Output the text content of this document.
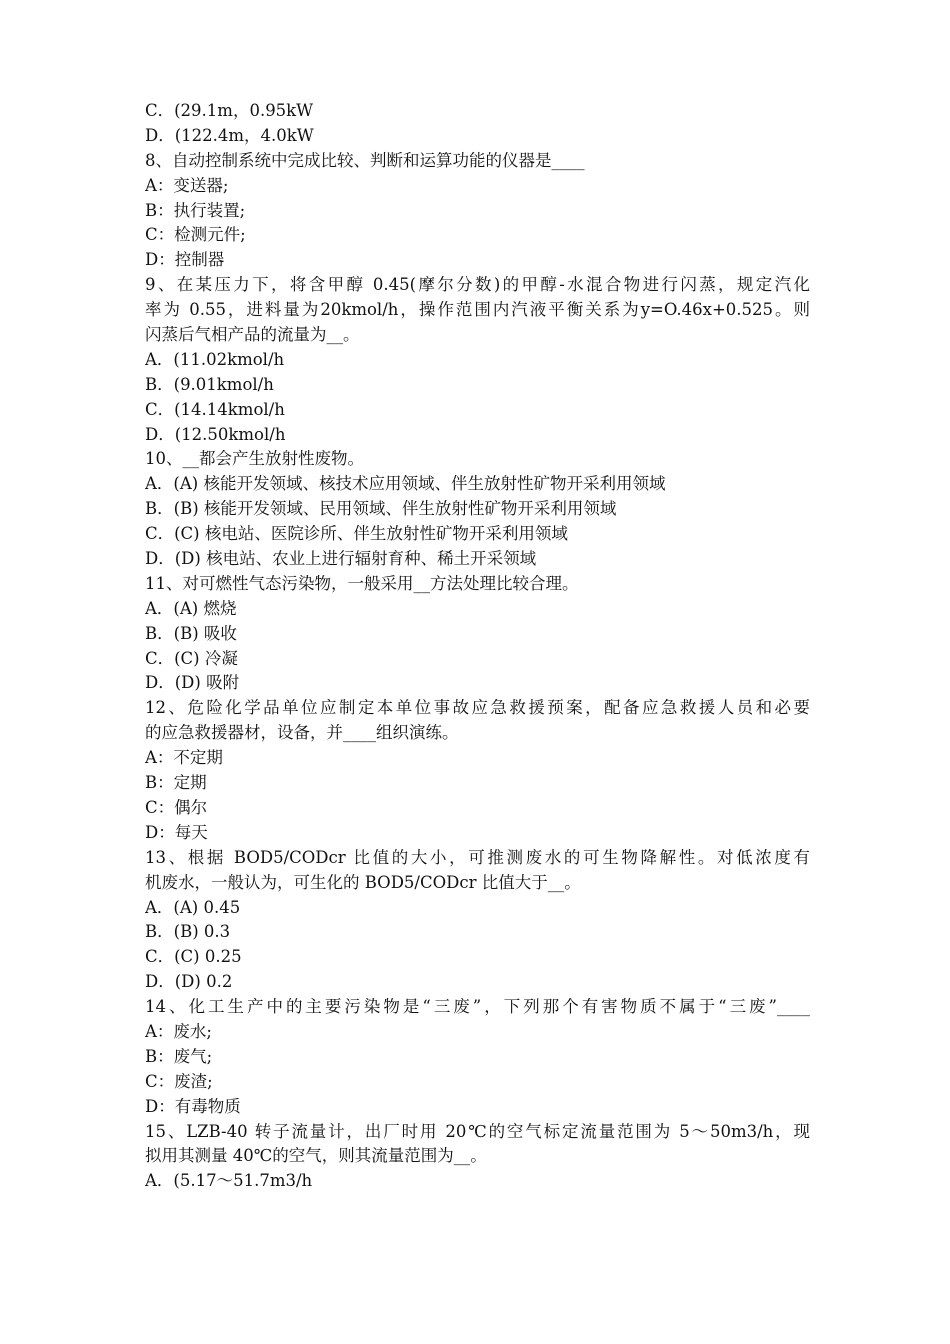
C．(29.1m，0.95kW
D．(122.4m，4.0kW
8、自动控制系统中完成比较、判断和运算功能的仪器是____
A：变送器;
B：执行装置;
C：检测元件;
D：控制器
9、在某压力下，将含甲醇 0.45(摩尔分数)的甲醇-水混合物进行闪蒸，规定汽化
率为 0.55，进料量为20kmol/h，操作范围内汽液平衡关系为y=O.46x+0.525。则
闪蒸后气相产品的流量为__。
A．(11.02kmol/h
B．(9.01kmol/h
C．(14.14kmol/h
D．(12.50kmol/h
10、__都会产生放射性废物。
A．(A) 核能开发领域、核技术应用领域、伴生放射性矿物开采利用领域
B．(B) 核能开发领域、民用领域、伴生放射性矿物开采利用领域
C．(C) 核电站、医院诊所、伴生放射性矿物开采利用领域
D．(D) 核电站、农业上进行辐射育种、稀土开采领域
11、对可燃性气态污染物，一般采用__方法处理比较合理。
A．(A) 燃烧
B．(B) 吸收
C．(C) 冷凝
D．(D) 吸附
12、危险化学品单位应制定本单位事故应急救援预案，配备应急救援人员和必要
的应急救援器材，设备，并____组织演练。
A：不定期
B：定期
C：偶尔
D：每天
13、根据 BOD5/CODcr 比值的大小，可推测废水的可生物降解性。对低浓度有
机废水，一般认为，可生化的 BOD5/CODcr 比值大于__。
A．(A) 0.45
B．(B) 0.3
C．(C) 0.25
D．(D) 0.2
14、化工生产中的主要污染物是“三废”，下列那个有害物质不属于“三废”____
A：废水;
B：废气;
C：废渣;
D：有毒物质
15、LZB-40 转子流量计，出厂时用 20℃的空气标定流量范围为 5～50m3/h，现
拟用其测量 40℃的空气，则其流量范围为__。
A．(5.17～51.7m3/h
